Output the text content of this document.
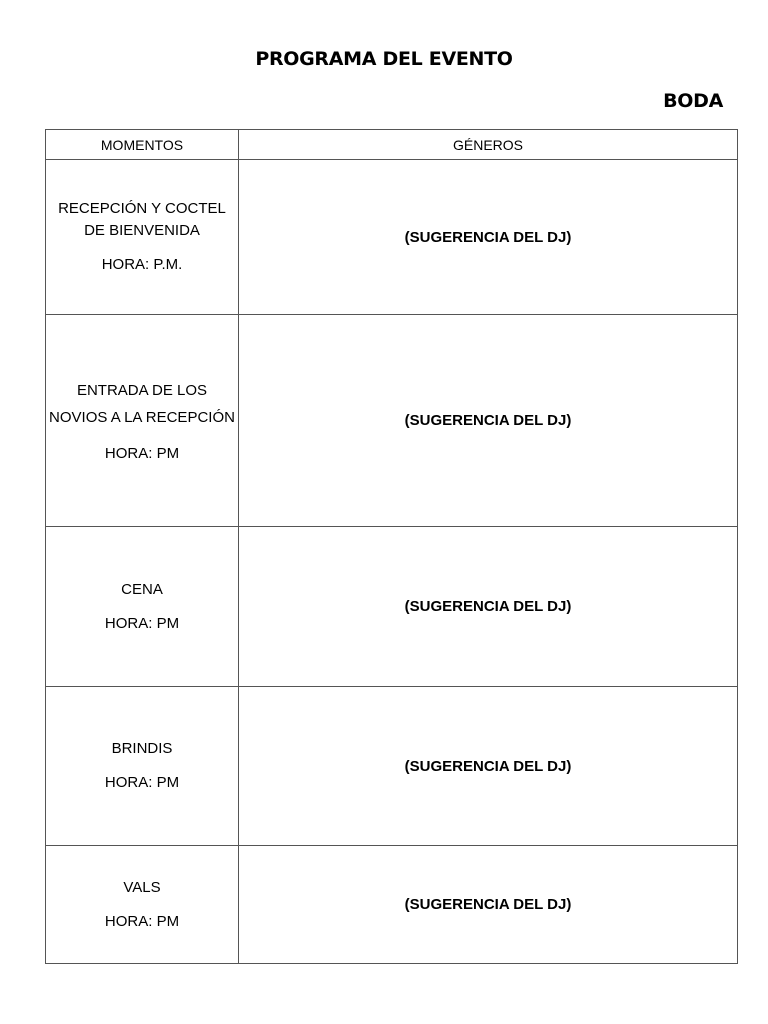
PROGRAMA DEL EVENTO
BODA
MOMENTOS	GÉNEROS

RECEPCIÓN Y COCTEL DE BIENVENIDA
HORA: P.M.	(SUGERENCIA DEL DJ)

ENTRADA DE LOS NOVIOS A LA RECEPCIÓN
HORA: PM	(SUGERENCIA DEL DJ)

CENA
HORA: PM	(SUGERENCIA DEL DJ)

BRINDIS
HORA: PM	(SUGERENCIA DEL DJ)

VALS
HORA: PM	(SUGERENCIA DEL DJ)
